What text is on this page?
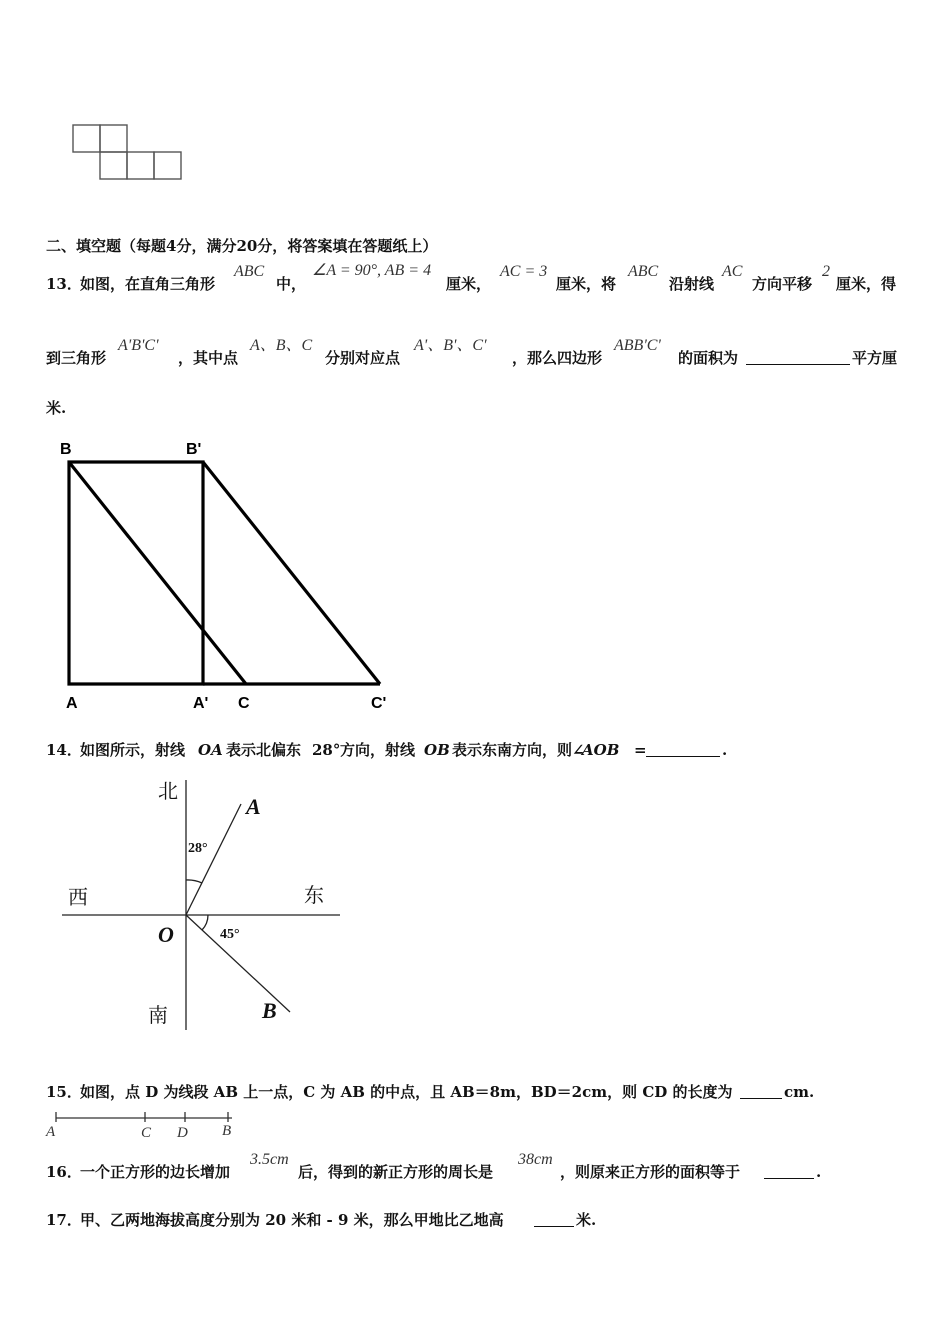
二、填空题（每题4分，满分20分，将答案填在答题纸上）
13．
如图，在直角三角形
ABC
中，
∠A = 90°, AB = 4
厘米，
AC = 3
厘米，将
ABC
沿射线
AC
方向平移
2
厘米，得
到三角形
A'B'C'
，其中点
A、B、C
分别对应点
A'、B'、C′
，那么四边形
ABB'C'
的面积为	平方厘
米.
B	B'
A	A' C	C'
14．
如图所示，射线 OA 表示北偏东 28° 方向，射线 OB 表示东南方向，则∠
AOB =	.
北
西	东
南
A
B
O
28°
45°
15．
如图，点 D 为线段 AB 上一点，C 为 AB 的中点，且 AB＝8m，BD＝2cm，则 CD 的长度为	cm.
A	C D B
16．
一个正方形的边长增加
3.5cm
后，得到的新正方形的周长是
38cm
，则原来正方形的面积等于	.
17．
甲、乙两地海拔高度分别为 20 米和 - 9 米，那么甲地比乙地高	米.
